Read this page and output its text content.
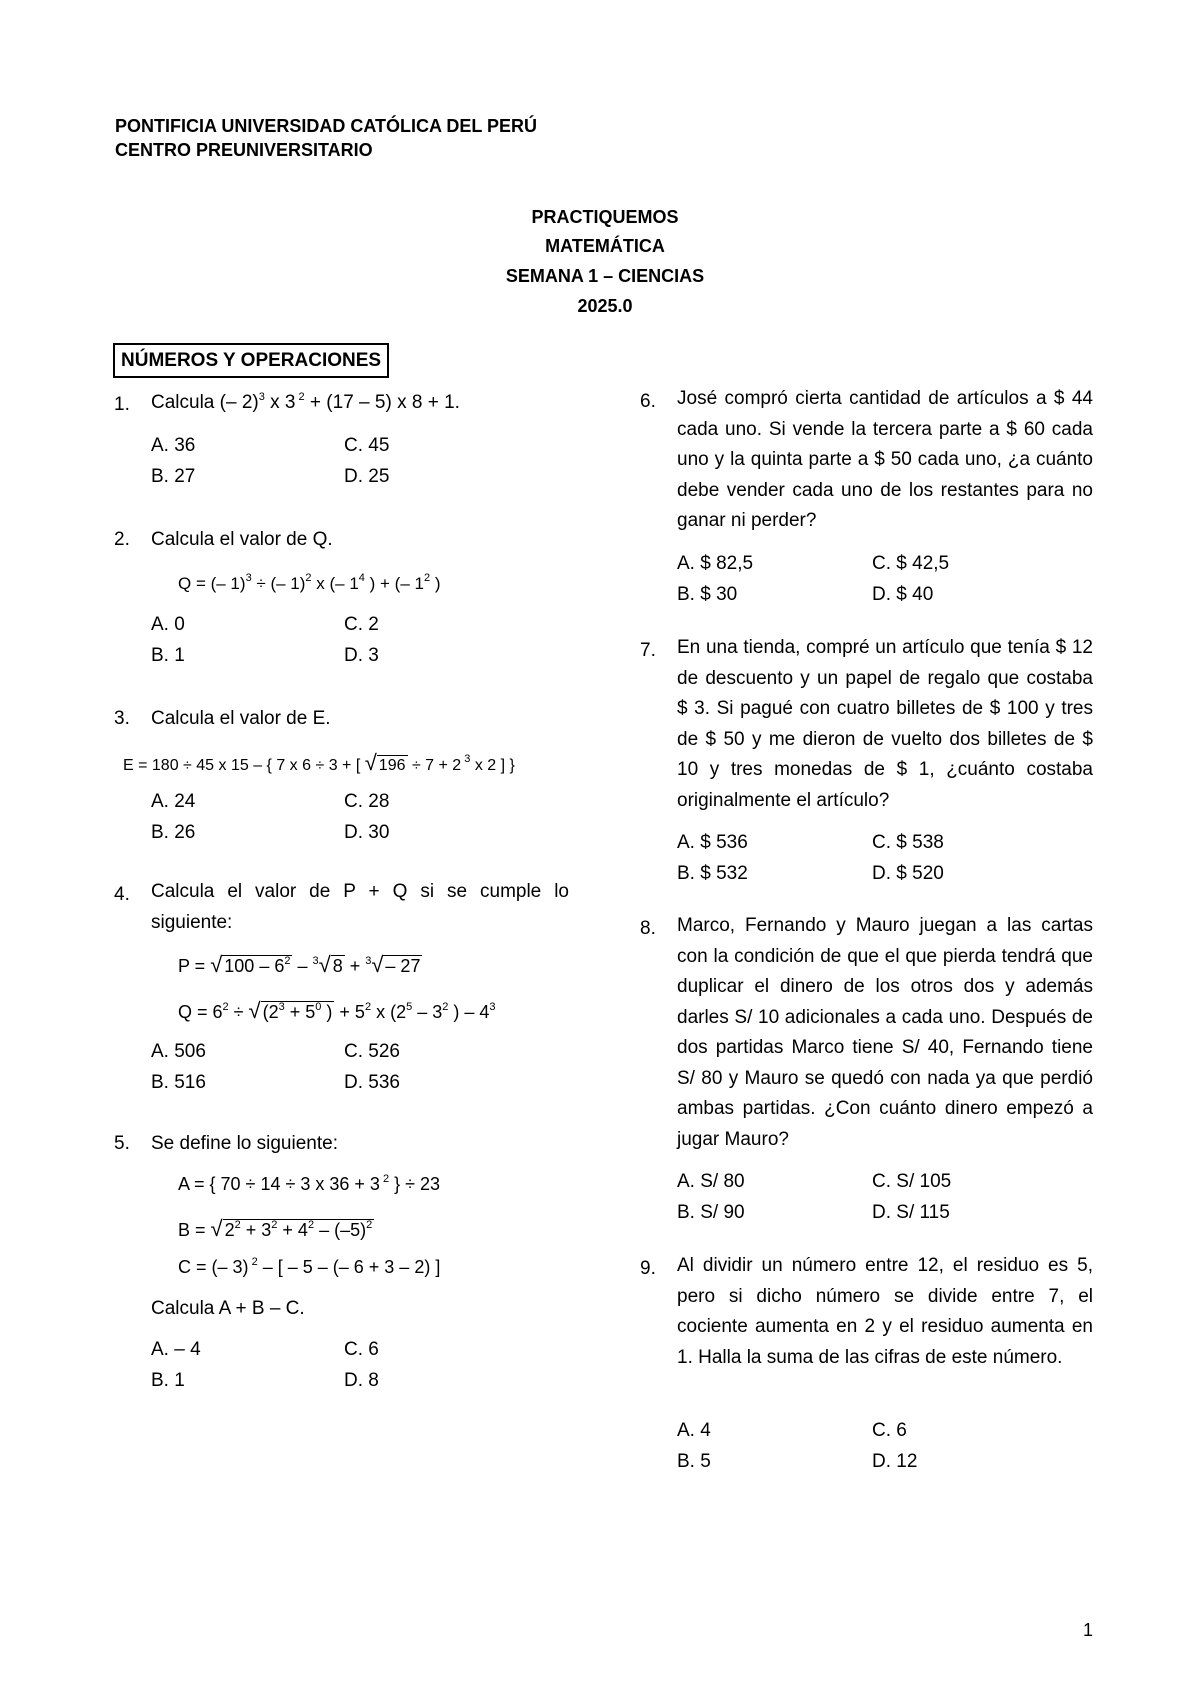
PONTIFICIA UNIVERSIDAD CATÓLICA DEL PERÚ
CENTRO PREUNIVERSITARIO
PRACTIQUEMOS
MATEMÁTICA
SEMANA 1 – CIENCIAS
2025.0
NÚMEROS Y OPERACIONES
1.	Calcula (– 2)$^3$ x 3 $^2$ + (17 – 5) x 8 + 1.
A. 36
B. 27
C. 45
D. 25
2.	Calcula el valor de Q.
Q = (– 1)$^3$ ÷ (– 1)$^2$ x (– $1^4$ ) + (– $1^2$ )
A. 0
B. 1
C. 2
D. 3
3.	Calcula el valor de E.
E = 180 ÷ 45 x 15 – { 7 x 6 ÷ 3 + [ √ 196 ÷ 7 + 2 $^3$ x 2 ] }
A. 24
B. 26
C. 28
D. 30
4.	Calcula el valor de P + Q si se cumple lo siguiente:
P = √ $100 - 6^2 - ^3√$ 8 + $^3$√ – 27
$Q = 6^2$ ÷ √ ($2^3 + 5^0$ ) + $5^2$ x ($2^5 - 3^2$ ) – $4^3$
A. 506
B. 516
C. 526
D. 536
5.	Se define lo siguiente:
A = { 70 ÷ 14 ÷ 3 x 36 + 3 $^2$ } ÷ 23
B = √ $2^2 + 3^2 + 4^2 - (-5)^2$
C = (– 3) $^2$ – [ – 5 – (– 6 + 3 – 2) ]
Calcula A + B – C.
A. – 4
B. 1
C. 6
D. 8
6.	José compró cierta cantidad de artículos a $ 44 cada uno. Si vende la tercera parte a $ 60 cada uno y la quinta parte a $ 50 cada uno, ¿a cuánto debe vender cada uno de los restantes para no ganar ni perder?
A. $ 82,5
B. $ 30
C. $ 42,5
D. $ 40
7.	En una tienda, compré un artículo que tenía $ 12 de descuento y un papel de regalo que costaba $ 3. Si pagué con cuatro billetes de $ 100 y tres de $ 50 y me dieron de vuelto dos billetes de $ 10 y tres monedas de $ 1, ¿cuánto costaba originalmente el artículo?
A. $ 536
B. $ 532
C. $ 538
D. $ 520
8.	Marco, Fernando y Mauro juegan a las cartas con la condición de que el que pierda tendrá que duplicar el dinero de los otros dos y además darles S/ 10 adicionales a cada uno. Después de dos partidas Marco tiene S/ 40, Fernando tiene S/ 80 y Mauro se quedó con nada ya que perdió ambas partidas. ¿Con cuánto dinero empezó a jugar Mauro?
A. S/ 80
B. S/ 90
C. S/ 105
D. S/ 115
9.	Al dividir un número entre 12, el residuo es 5, pero si dicho número se divide entre 7, el cociente aumenta en 2 y el residuo aumenta en 1. Halla la suma de las cifras de este número.
A. 4
B. 5
C. 6
D. 12
1
